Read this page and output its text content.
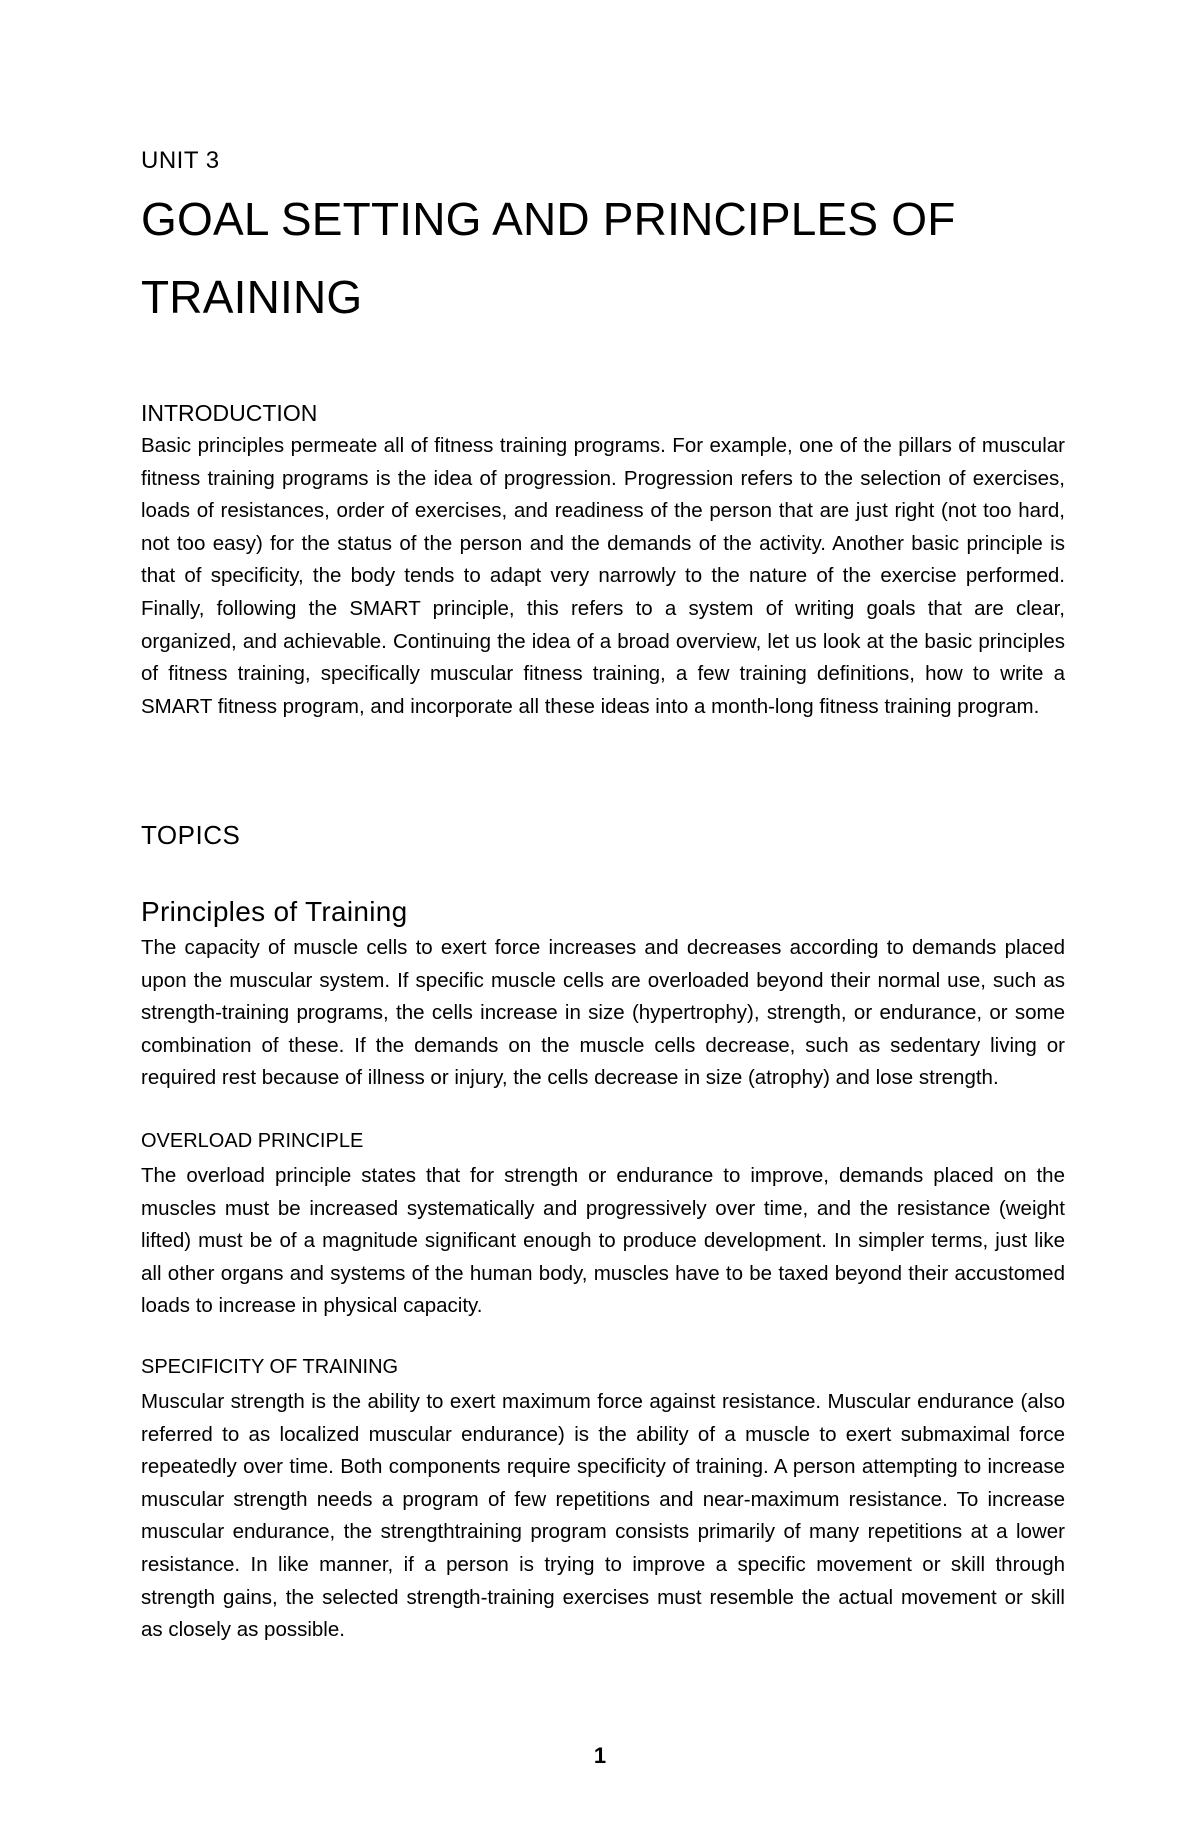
UNIT 3
GOAL SETTING AND PRINCIPLES OF TRAINING
INTRODUCTION

Basic principles permeate all of fitness training programs. For example, one of the pillars of muscular fitness training programs is the idea of progression. Progression refers to the selection of exercises, loads of resistances, order of exercises, and readiness of the person that are just right (not too hard, not too easy) for the status of the person and the demands of the activity. Another basic principle is that of specificity, the body tends to adapt very narrowly to the nature of the exercise performed. Finally, following the SMART principle, this refers to a system of writing goals that are clear, organized, and achievable. Continuing the idea of a broad overview, let us look at the basic principles of fitness training, specifically muscular fitness training, a few training definitions, how to write a SMART fitness program, and incorporate all these ideas into a month-long fitness training program.

TOPICS
Principles of Training

The capacity of muscle cells to exert force increases and decreases according to demands placed upon the muscular system. If specific muscle cells are overloaded beyond their normal use, such as strength-training programs, the cells increase in size (hypertrophy), strength, or endurance, or some combination of these. If the demands on the muscle cells decrease, such as sedentary living or required rest because of illness or injury, the cells decrease in size (atrophy) and lose strength.

OVERLOAD PRINCIPLE

The overload principle states that for strength or endurance to improve, demands placed on the muscles must be increased systematically and progressively over time, and the resistance (weight lifted) must be of a magnitude significant enough to produce development. In simpler terms, just like all other organs and systems of the human body, muscles have to be taxed beyond their accustomed loads to increase in physical capacity.

SPECIFICITY OF TRAINING

Muscular strength is the ability to exert maximum force against resistance. Muscular endurance (also referred to as localized muscular endurance) is the ability of a muscle to exert submaximal force repeatedly over time. Both components require specificity of training. A person attempting to increase muscular strength needs a program of few repetitions and near-maximum resistance. To increase muscular endurance, the strengthtraining program consists primarily of many repetitions at a lower resistance. In like manner, if a person is trying to improve a specific movement or skill through strength gains, the selected strength-training exercises must resemble the actual movement or skill as closely as possible.

1
